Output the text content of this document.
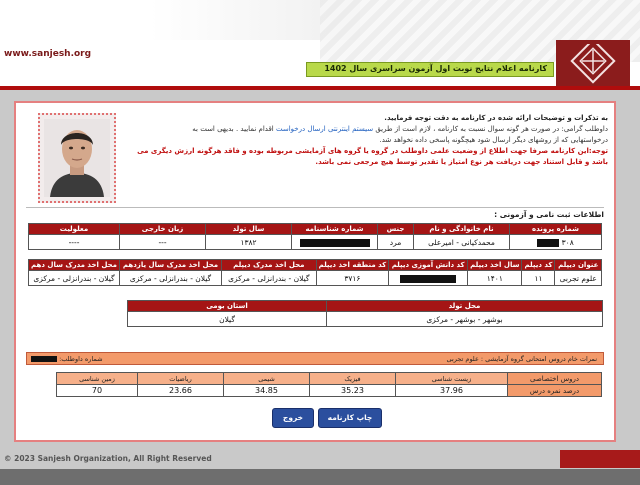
www.sanjesh.org
کارنامه اعلام نتایج نوبت اول آزمون سراسری سال 1402
به تذکرات و توضیحات ارائه شده در کارنامه به دقت توجه فرمایید.
داوطلب گرامی: در صورت هر گونه سوال نسبت به کارنامه ، لازم است از طریق سیستم اینترنتی ارسال درخواست اقدام نمایید . بدیهی است به
درخواستهایی که از روشهای دیگر ارسال شود هیچگونه پاسخی داده نخواهد شد.
توجه:این کارنامه صرفا جهت اطلاع از وضعیت علمی داوطلب در گروه یا گروه های آزمایشی مربوطه بوده و فاقد هرگونه ارزش دیگری می باشد و قابل استناد جهت دریافت هر نوع امتیاز یا تقدیر توسط هیچ مرجعی نمی باشد.
اطلاعات ثبت نامی و آزمونی :
شماره پرونده	نام خانوادگی و نام	جنس	شماره شناسنامه	سال تولد	زبان خارجی	معلولیت
۳۰۸	محمدکیانی - امیرعلی	مرد		۱۳۸۲	---	----
عنوان دیپلم	کد دیپلم	سال اخذ دیپلم	کد دانش آموزی دیپلم	کد منطقه اخذ دیپلم	محل اخذ مدرک دیپلم	محل اخذ مدرک سال یازدهم	محل اخذ مدرک سال دهم
علوم تجربی	۱۱	۱۴۰۱		۳۷۱۶	گیلان - بندرانزلی - مرکزی	گیلان - بندرانزلی - مرکزی	گیلان - بندرانزلی - مرکزی
محل تولد	استان بومی
بوشهر - بوشهر - مرکزی	گیلان
نمرات خام دروس امتحانی گروه آزمایشی : علوم تجربی
شماره داوطلب:
دروس اختصاصی	زیست شناسی	فیزیک	شیمی	ریاضیات	زمین شناسی
درصد نمره درس	37.96	35.23	34.85	23.66	70
چاپ کارنامه
خروج
© 2023 Sanjesh Organization, All Right Reserved
